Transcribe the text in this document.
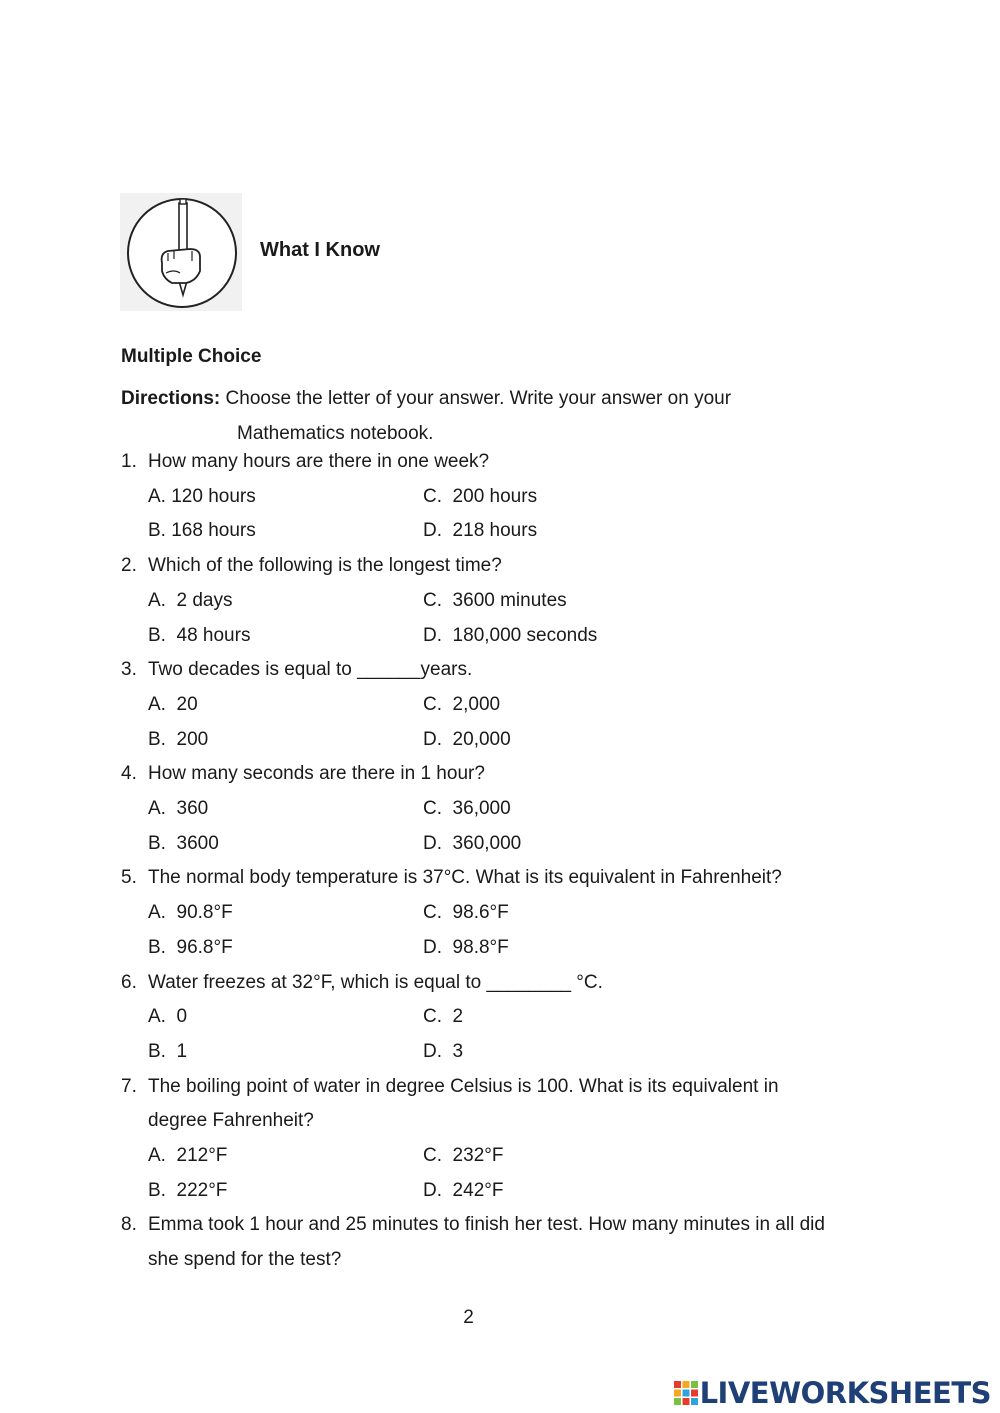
What I Know
Multiple Choice
Directions: Choose the letter of your answer. Write your answer on your
Mathematics notebook.
1. How many hours are there in one week?
A. 120 hours	C.  200 hours
B. 168 hours	D.  218 hours
2. Which of the following is the longest time?
A.  2 days	C.  3600 minutes
B.  48 hours	D.  180,000 seconds
3. Two decades is equal to ______years.
A.  20	C.  2,000
B.  200	D.  20,000
4. How many seconds are there in 1 hour?
A.  360	C.  36,000
B.  3600	D.  360,000
5. The normal body temperature is 37°C. What is its equivalent in Fahrenheit?
A.  90.8°F	C.  98.6°F
B.  96.8°F	D.  98.8°F
6. Water freezes at 32°F, which is equal to ________ °C.
A.  0	C.  2
B.  1	D.  3
7. The boiling point of water in degree Celsius is 100. What is its equivalent in degree Fahrenheit?
A.  212°F	C.  232°F
B.  222°F	D.  242°F
8. Emma took 1 hour and 25 minutes to finish her test. How many minutes in all did she spend for the test?
2
LIVEWORKSHEETS
